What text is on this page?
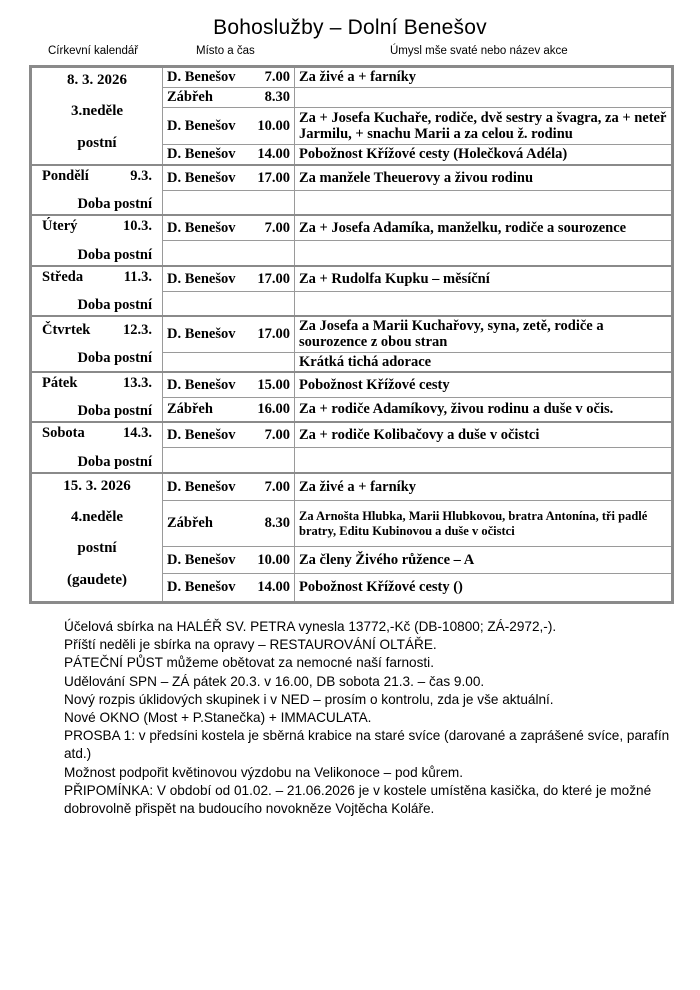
Bohoslužby – Dolní Benešov
Církevní kalendář	Místo a čas	Úmysl mše svaté nebo název akce
8. 3. 2026
3.neděle
postní	D. Benešov 7.00	Za živé a + farníky

	Zábřeh 8.30	

	D. Benešov 10.00	Za + Josefa Kuchaře, rodiče, dvě sestry a švagra, za + neteř Jarmilu, + snachu Marii a za celou ž. rodinu

	D. Benešov 14.00	Pobožnost Křížové cesty (Holečková Adéla)

Pondělí 9.3.
Doba postní	D. Benešov 17.00	Za manžele Theuerovy a živou rodinu

Úterý 10.3.
Doba postní	D. Benešov 7.00	Za + Josefa Adamíka, manželku, rodiče a sourozence

Středa 11.3.
Doba postní	D. Benešov 17.00	Za + Rudolfa Kupku – měsíční

Čtvrtek 12.3.
Doba postní	D. Benešov 17.00	Za Josefa a Marii Kuchařovy, syna, zetě, rodiče a sourozence z obou stran
		Krátká tichá adorace

Pátek 13.3.
Doba postní	D. Benešov 15.00	Pobožnost Křížové cesty

	Zábřeh 16.00	Za + rodiče Adamíkovy, živou rodinu a duše v očis.

Sobota 14.3.
Doba postní	D. Benešov 7.00	Za + rodiče Kolibačovy a duše v očistci

15. 3. 2026
4.neděle
postní
(gaudete)	D. Benešov 7.00	Za živé a + farníky

	Zábřeh 8.30	Za Arnošta Hlubka, Marii Hlubkovou, bratra Antonína, tři padlé bratry, Editu Kubinovou a duše v očistci

	D. Benešov 10.00	Za členy Živého růžence – A

	D. Benešov 14.00	Pobožnost Křížové cesty ()

Účelová sbírka na HALÉŘ SV. PETRA vynesla 13772,-Kč (DB-10800; ZÁ-2972,-).

Příští neděli je sbírka na opravy – RESTAUROVÁNÍ OLTÁŘE.

PÁTEČNÍ PŮST můžeme obětovat za nemocné naší farnosti.

Udělování SPN – ZÁ pátek 20.3. v 16.00, DB sobota 21.3. – čas 9.00.

Nový rozpis úklidových skupinek i v NED – prosím o kontrolu, zda je vše aktuální.

Nové OKNO (Most + P.Stanečka) + IMMACULATA.

PROSBA 1: v předsíni kostela je sběrná krabice na staré svíce (darované a zaprášené svíce, parafín atd.)

Možnost podpořit květinovou výzdobu na Velikonoce – pod kůrem.

PŘIPOMÍNKA: V období od 01.02. – 21.06.2026 je v kostele umístěna kasička, do které je možné dobrovolně přispět na budoucího novokněze Vojtěcha Koláře.
